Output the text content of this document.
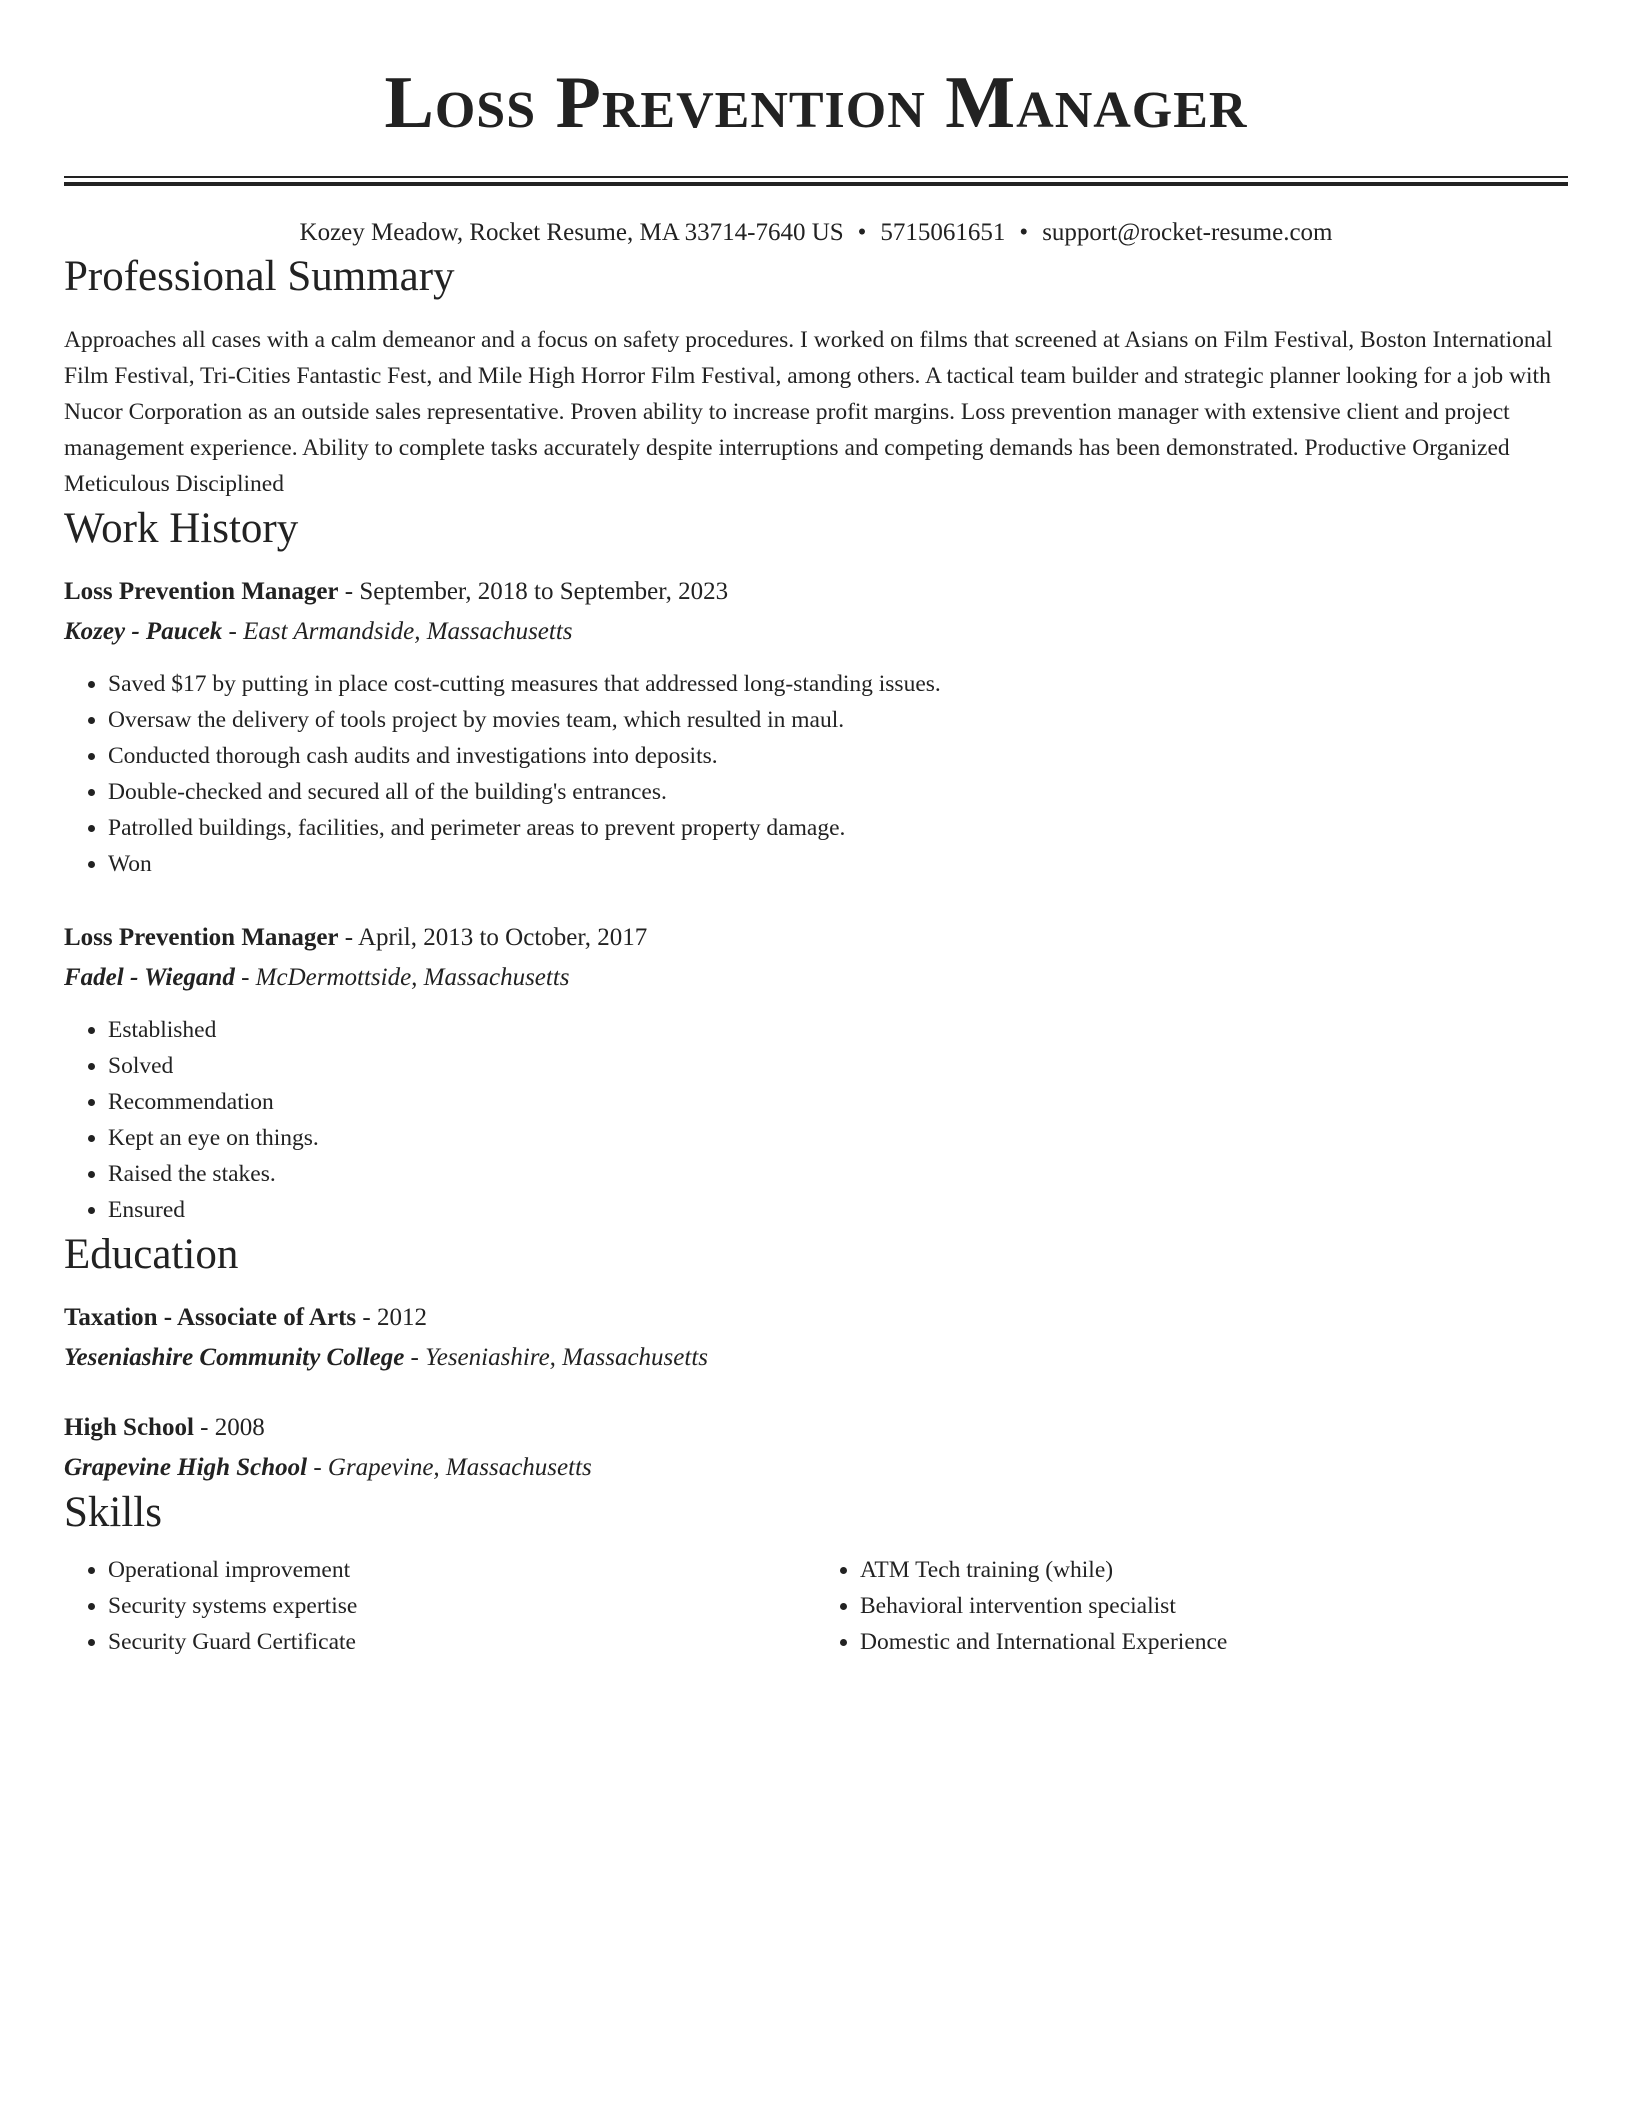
Loss Prevention Manager
Kozey Meadow, Rocket Resume, MA 33714-7640 US • 5715061651 • support@rocket-resume.com
Professional Summary

Approaches all cases with a calm demeanor and a focus on safety procedures. I worked on films that screened at Asians on Film Festival, Boston International Film Festival, Tri-Cities Fantastic Fest, and Mile High Horror Film Festival, among others. A tactical team builder and strategic planner looking for a job with Nucor Corporation as an outside sales representative. Proven ability to increase profit margins. Loss prevention manager with extensive client and project management experience. Ability to complete tasks accurately despite interruptions and competing demands has been demonstrated. Productive Organized Meticulous Disciplined

Work History
Loss Prevention Manager - September, 2018 to September, 2023
Kozey - Paucek - East Armandside, Massachusetts
• Saved $17 by putting in place cost-cutting measures that addressed long-standing issues.
• Oversaw the delivery of tools project by movies team, which resulted in maul.
• Conducted thorough cash audits and investigations into deposits.
• Double-checked and secured all of the building's entrances.
• Patrolled buildings, facilities, and perimeter areas to prevent property damage.
• Won
Loss Prevention Manager - April, 2013 to October, 2017
Fadel - Wiegand - McDermottside, Massachusetts
• Established
• Solved
• Recommendation
• Kept an eye on things.
• Raised the stakes.
• Ensured
Education
Taxation - Associate of Arts - 2012
Yeseniashire Community College - Yeseniashire, Massachusetts
High School - 2008
Grapevine High School - Grapevine, Massachusetts
Skills
• Operational improvement
• Security systems expertise
• Security Guard Certificate
• ATM Tech training (while)
• Behavioral intervention specialist
• Domestic and International Experience
